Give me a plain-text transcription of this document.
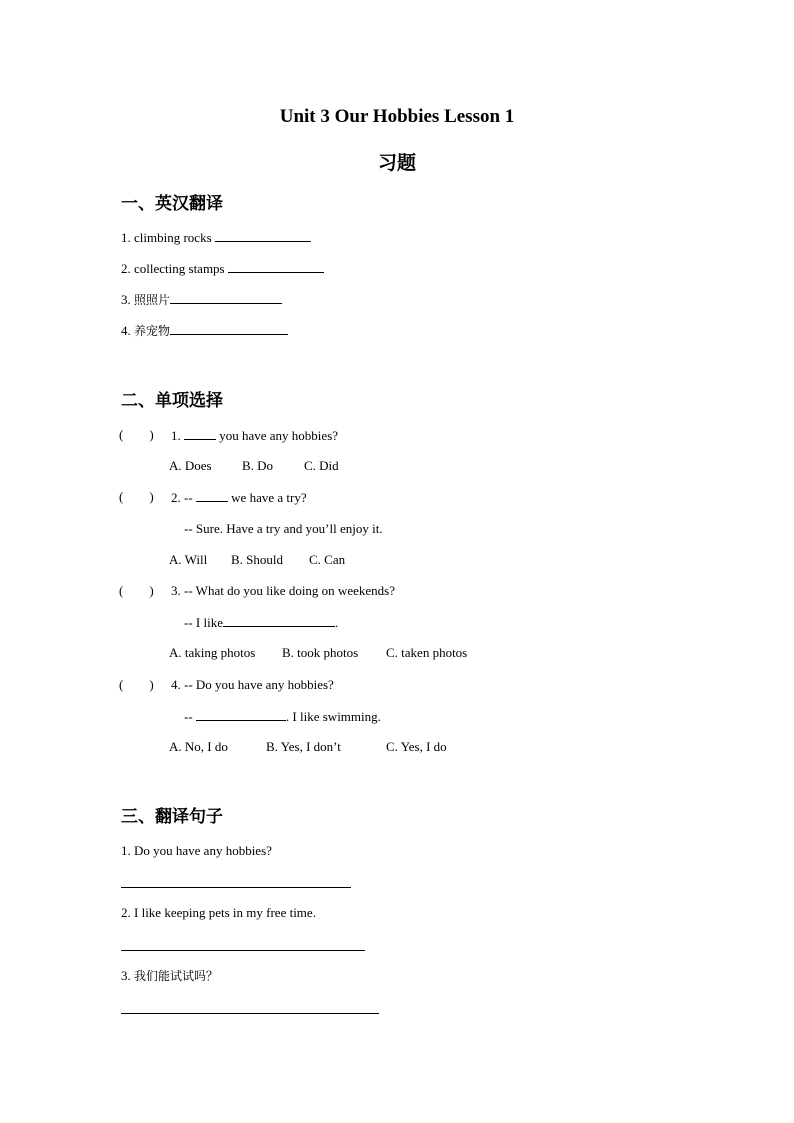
Unit 3 Our Hobbies Lesson 1
习题
一、英汉翻译
1. climbing rocks
2. collecting stamps
3. 照照片
4. 养宠物
二、单项选择
( ) 1.	you have any hobbies?
A. Does B. Do C. Did
( ) 2. --	we have a try?
-- Sure. Have a try and you’ll enjoy it.
A. Will B. Should C. Can
( ) 3. -- What do you like doing on weekends?
-- I like	.
A. taking photos B. took photos C. taken photos
( ) 4. -- Do you have any hobbies?
--	. I like swimming.
A. No, I do	B. Yes, I don’t	C. Yes, I do
三、翻译句子
1. Do you have any hobbies?
2. I like keeping pets in my free time.
3. 我们能试试吗？
